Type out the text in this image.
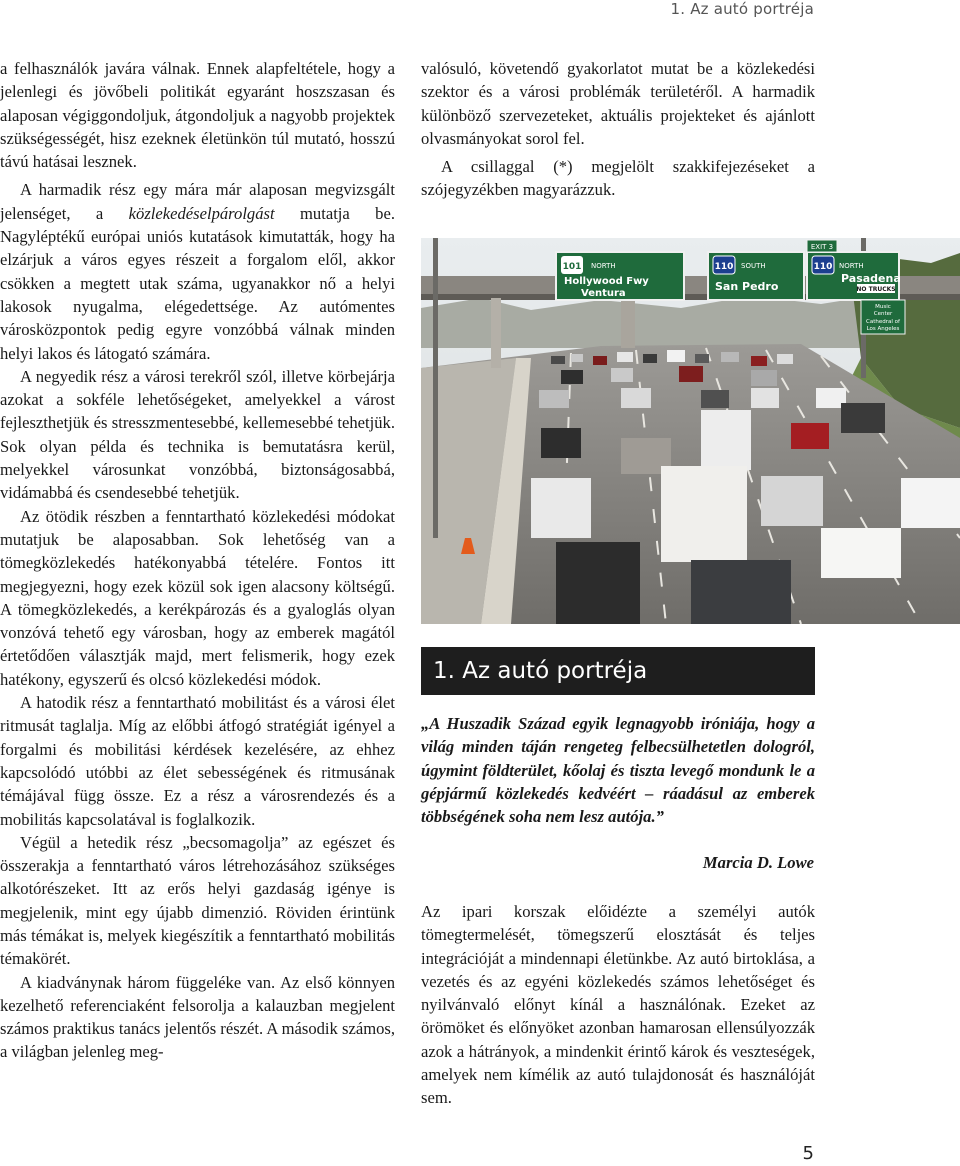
1. Az autó portréja

a felhasználók javára válnak. Ennek alapfeltétele, hogy a jelenlegi és jövőbeli politikát egyaránt hoszszasan és alaposan végiggondoljuk, átgondoljuk a nagyobb projektek szükségességét, hisz ezeknek életünkön túl mutató, hosszú távú hatásai lesznek.

A harmadik rész egy mára már alaposan megvizsgált jelenséget, a közlekedéselpárolgást mutatja be. Nagyléptékű európai uniós kutatások kimutatták, hogy ha elzárjuk a város egyes részeit a forgalom elől, akkor csökken a megtett utak száma, ugyanakkor nő a helyi lakosok nyugalma, elégedettsége. Az autómentes városközpontok pedig egyre vonzóbbá válnak minden helyi lakos és látogató számára.

A negyedik rész a városi terekről szól, illetve körbejárja azokat a sokféle lehetőségeket, amelyekkel a várost fejleszthetjük és stresszmentesebbé, kellemesebbé tehetjük. Sok olyan példa és technika is bemutatásra kerül, melyekkel városunkat vonzóbbá, biztonságosabbá, vidámabbá és csendesebbé tehetjük.

Az ötödik részben a fenntartható közlekedési módokat mutatjuk be alaposabban. Sok lehetőség van a tömegközlekedés hatékonyabbá tételére. Fontos itt megjegyezni, hogy ezek közül sok igen alacsony költségű. A tömegközlekedés, a kerékpározás és a gyaloglás olyan vonzóvá tehető egy városban, hogy az emberek magától értetődően választják majd, mert felismerik, hogy ezek hatékony, egyszerű és olcsó közlekedési módok.

A hatodik rész a fenntartható mobilitást és a városi élet ritmusát taglalja. Míg az előbbi átfogó stratégiát igényel a forgalmi és mobilitási kérdések kezelésére, az ehhez kapcsolódó utóbbi az élet sebességének és ritmusának témájával függ össze. Ez a rész a városrendezés és a mobilitás kapcsolatával is foglalkozik.

Végül a hetedik rész „becsomagolja” az egészet és összerakja a fenntartható város létrehozásához szükséges alkotórészeket. Itt az erős helyi gazdaság igénye is megjelenik, mint egy újabb dimenzió. Röviden érintünk más témákat is, melyek kiegészítik a fenntartható mobilitás témakörét.

A kiadványnak három függeléke van. Az első könnyen kezelhető referenciaként felsorolja a kalauzban megjelent számos praktikus tanács jelentős részét. A második számos, a világban jelenleg meg-

valósuló, követendő gyakorlatot mutat be a közlekedési szektor és a városi problémák területéről. A harmadik különböző szervezeteket, aktuális projekteket és ajánlott olvasmányokat sorol fel.

A csillaggal (*) megjelölt szakkifejezéseket a szójegyzékben magyarázzuk.

101 NORTH
Hollywood Fwy
Ventura
110 SOUTH
San Pedro
EXIT 3
110 NORTH
Pasadena
NO TRUCKS
Music
Center
Cathedral of
Los Angeles
1. Az autó portréja
„A Huszadik Század egyik legnagyobb iróniája, hogy a világ minden táján rengeteg felbecsülhetetlen dologról, úgymint földterület, kőolaj és tiszta levegő mondunk le a gépjármű közlekedés kedvéért – ráadásul az emberek többségének soha nem lesz autója.”
Marcia D. Lowe

Az ipari korszak előidézte a személyi autók tömegtermelését, tömegszerű elosztását és teljes integrációját a mindennapi életünkbe. Az autó birtoklása, a vezetés és az egyéni közlekedés számos lehetőséget és nyilvánvaló előnyt kínál a használónak. Ezeket az örömöket és előnyöket azonban hamarosan ellensúlyozzák azok a hátrányok, a mindenkit érintő károk és veszteségek, amelyek nem kímélik az autó tulajdonosát és használóját sem.

5
